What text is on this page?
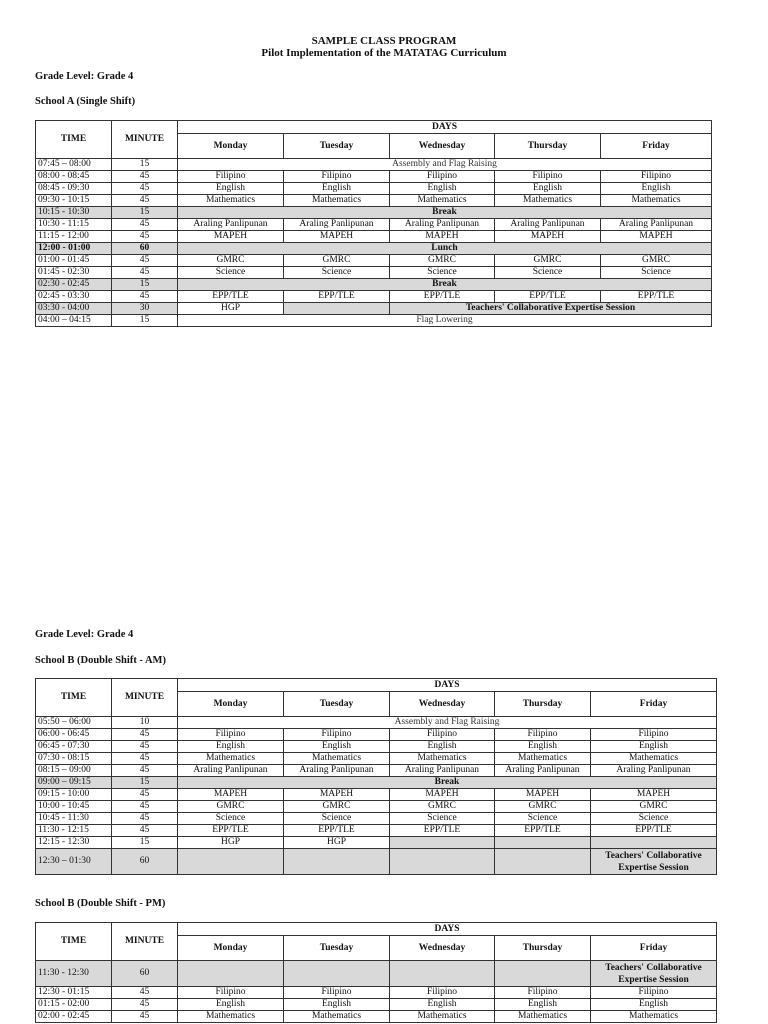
SAMPLE CLASS PROGRAM
Pilot Implementation of the MATATAG Curriculum
Grade Level: Grade 4
School A (Single Shift)
TIME	MINUTE	DAYS				
		Monday	Tuesday	Wednesday	Thursday	Friday
07:45 – 08:00	15	Assembly and Flag Raising				
08:00 - 08:45	45	Filipino	Filipino	Filipino	Filipino	Filipino
08:45 - 09:30	45	English	English	English	English	English
09:30 - 10:15	45	Mathematics	Mathematics	Mathematics	Mathematics	Mathematics
10:15 - 10:30	15	Break				
10:30 - 11:15	45	Araling Panlipunan	Araling Panlipunan	Araling Panlipunan	Araling Panlipunan	Araling Panlipunan
11:15 - 12:00	45	MAPEH	MAPEH	MAPEH	MAPEH	MAPEH
12:00 - 01:00	60	Lunch				
01:00 - 01:45	45	GMRC	GMRC	GMRC	GMRC	GMRC
01:45 - 02:30	45	Science	Science	Science	Science	Science
02:30 - 02:45	15	Break				
02:45 - 03:30	45	EPP/TLE	EPP/TLE	EPP/TLE	EPP/TLE	EPP/TLE
03:30 - 04:00	30	HGP		Teachers' Collaborative Expertise Session		
04:00 – 04:15	15	Flag Lowering				
Grade Level: Grade 4
School B (Double Shift - AM)
TIME	MINUTE	DAYS				
		Monday	Tuesday	Wednesday	Thursday	Friday
05:50 – 06:00	10	Assembly and Flag Raising				
06:00 - 06:45	45	Filipino	Filipino	Filipino	Filipino	Filipino
06:45 - 07:30	45	English	English	English	English	English
07:30 - 08:15	45	Mathematics	Mathematics	Mathematics	Mathematics	Mathematics
08:15 – 09:00	45	Araling Panlipunan	Araling Panlipunan	Araling Panlipunan	Araling Panlipunan	Araling Panlipunan
09:00 – 09:15	15	Break				
09:15 - 10:00	45	MAPEH	MAPEH	MAPEH	MAPEH	MAPEH
10:00 - 10:45	45	GMRC	GMRC	GMRC	GMRC	GMRC
10:45 - 11:30	45	Science	Science	Science	Science	Science
11:30 - 12:15	45	EPP/TLE	EPP/TLE	EPP/TLE	EPP/TLE	EPP/TLE
12:15 - 12:30	15	HGP	HGP			
12:30 – 01:30	60					Teachers' Collaborative Expertise Session
School B (Double Shift - PM)
TIME	MINUTE	DAYS				
		Monday	Tuesday	Wednesday	Thursday	Friday
11:30 - 12:30	60					Teachers' Collaborative Expertise Session
12:30 - 01:15	45	Filipino	Filipino	Filipino	Filipino	Filipino
01:15 - 02:00	45	English	English	English	English	English
02:00 - 02:45	45	Mathematics	Mathematics	Mathematics	Mathematics	Mathematics
